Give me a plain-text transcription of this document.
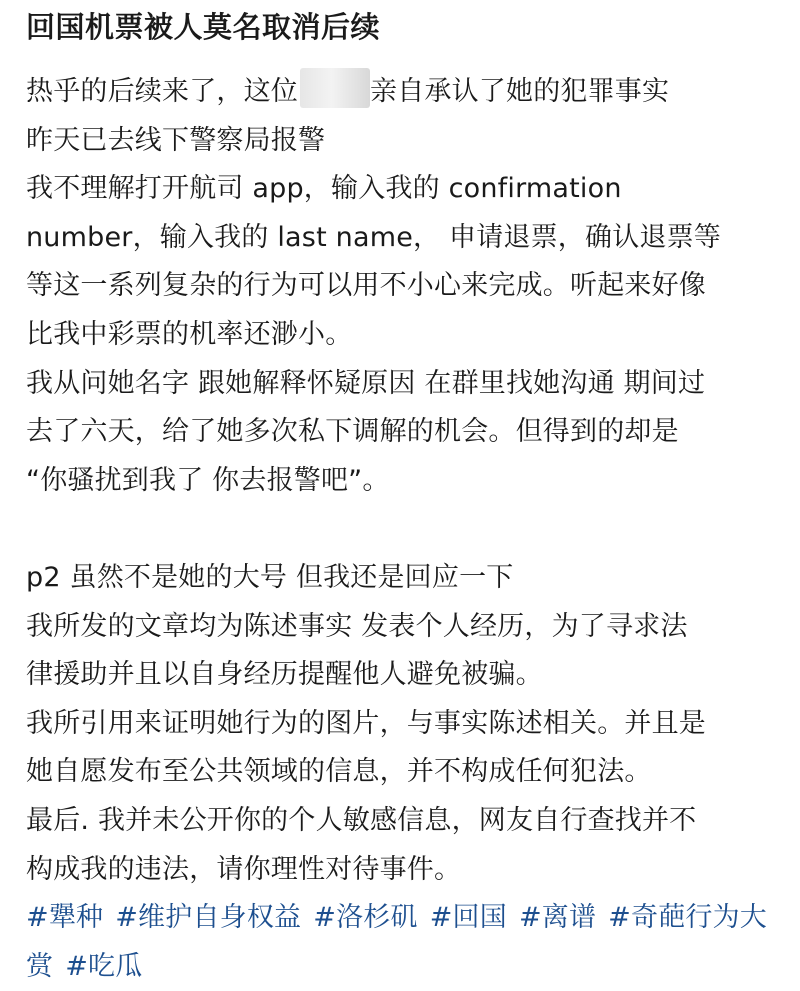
回国机票被人莫名取消后续
热乎的后续来了，这位	亲自承认了她的犯罪事实
昨天已去线下警察局报警
我不理解打开航司 app，输入我的 confirmation
number，输入我的 last name， 申请退票，确认退票等
等这一系列复杂的行为可以用不小心来完成。听起来好像
比我中彩票的机率还渺小。
我从问她名字 跟她解释怀疑原因 在群里找她沟通 期间过
去了六天，给了她多次私下调解的机会。但得到的却是
“你骚扰到我了 你去报警吧”。
p2 虽然不是她的大号 但我还是回应一下
我所发的文章均为陈述事实 发表个人经历，为了寻求法
律援助并且以自身经历提醒他人避免被骗。
我所引用来证明她行为的图片，与事实陈述相关。并且是
她自愿发布至公共领域的信息，并不构成任何犯法。
最后. 我并未公开你的个人敏感信息，网友自行查找并不
构成我的违法，请你理性对待事件。
#犟种 #维护自身权益 #洛杉矶 #回国 #离谱 #奇葩行为大
赏 #吃瓜
